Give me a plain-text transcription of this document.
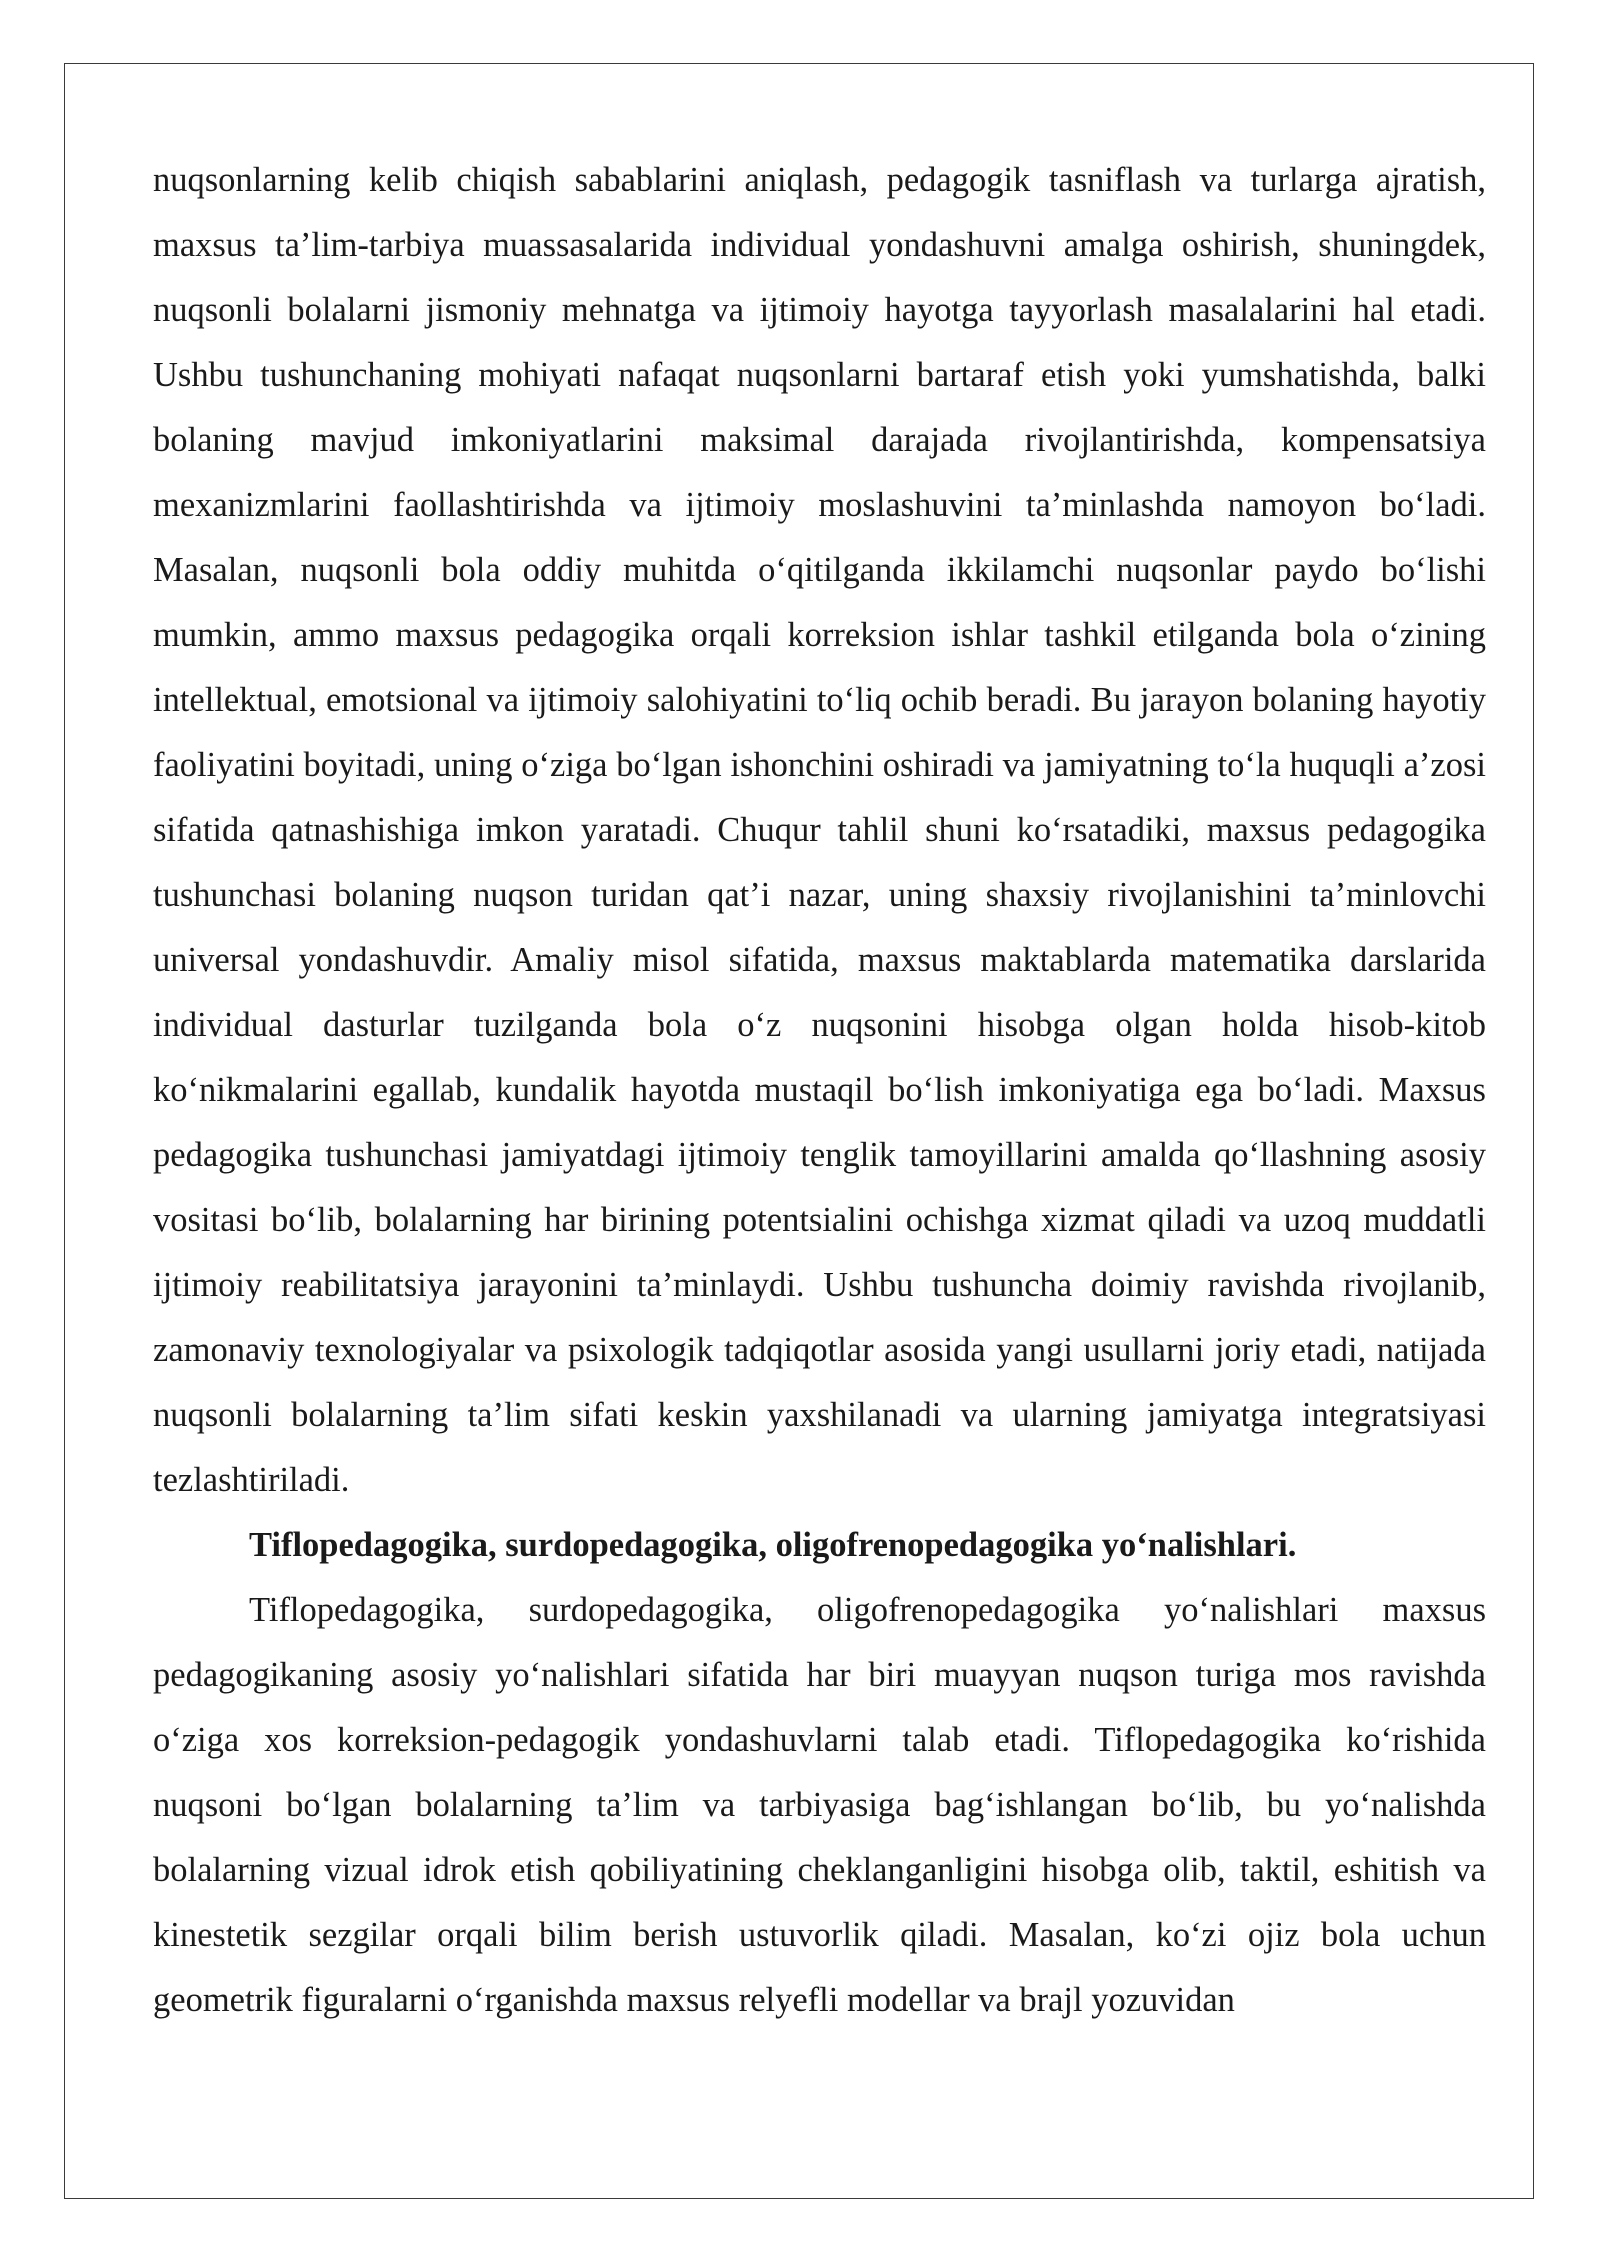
nuqsonlarning kelib chiqish sabablarini aniqlash, pedagogik tasniflash va turlarga ajratish, maxsus ta’lim-tarbiya muassasalarida individual yondashuvni amalga oshirish, shuningdek, nuqsonli bolalarni jismoniy mehnatga va ijtimoiy hayotga tayyorlash masalalarini hal etadi. Ushbu tushunchaning mohiyati nafaqat nuqsonlarni bartaraf etish yoki yumshatishda, balki bolaning mavjud imkoniyatlarini maksimal darajada rivojlantirishda, kompensatsiya mexanizmlarini faollashtirishda va ijtimoiy moslashuvini ta’minlashda namoyon bo‘ladi. Masalan, nuqsonli bola oddiy muhitda o‘qitilganda ikkilamchi nuqsonlar paydo bo‘lishi mumkin, ammo maxsus pedagogika orqali korreksion ishlar tashkil etilganda bola o‘zining intellektual, emotsional va ijtimoiy salohiyatini to‘liq ochib beradi. Bu jarayon bolaning hayotiy faoliyatini boyitadi, uning o‘ziga bo‘lgan ishonchini oshiradi va jamiyatning to‘la huquqli a’zosi sifatida qatnashishiga imkon yaratadi. Chuqur tahlil shuni ko‘rsatadiki, maxsus pedagogika tushunchasi bolaning nuqson turidan qat’i nazar, uning shaxsiy rivojlanishini ta’minlovchi universal yondashuvdir. Amaliy misol sifatida, maxsus maktablarda matematika darslarida individual dasturlar tuzilganda bola o‘z nuqsonini hisobga olgan holda hisob-kitob ko‘nikmalarini egallab, kundalik hayotda mustaqil bo‘lish imkoniyatiga ega bo‘ladi. Maxsus pedagogika tushunchasi jamiyatdagi ijtimoiy tenglik tamoyillarini amalda qo‘llashning asosiy vositasi bo‘lib, bolalarning har birining potentsialini ochishga xizmat qiladi va uzoq muddatli ijtimoiy reabilitatsiya jarayonini ta’minlaydi. Ushbu tushuncha doimiy ravishda rivojlanib, zamonaviy texnologiyalar va psixologik tadqiqotlar asosida yangi usullarni joriy etadi, natijada nuqsonli bolalarning ta’lim sifati keskin yaxshilanadi va ularning jamiyatga integratsiyasi tezlashtiriladi.

Tiflopedagogika, surdopedagogika, oligofrenopedagogika yo‘nalishlari.

Tiflopedagogika, surdopedagogika, oligofrenopedagogika yo‘nalishlari maxsus pedagogikaning asosiy yo‘nalishlari sifatida har biri muayyan nuqson turiga mos ravishda o‘ziga xos korreksion-pedagogik yondashuvlarni talab etadi. Tiflopedagogika ko‘rishida nuqsoni bo‘lgan bolalarning ta’lim va tarbiyasiga bag‘ishlangan bo‘lib, bu yo‘nalishda bolalarning vizual idrok etish qobiliyatining cheklanganligini hisobga olib, taktil, eshitish va kinestetik sezgilar orqali bilim berish ustuvorlik qiladi. Masalan, ko‘zi ojiz bola uchun geometrik figuralarni o‘rganishda maxsus relyefli modellar va brajl yozuvidan
